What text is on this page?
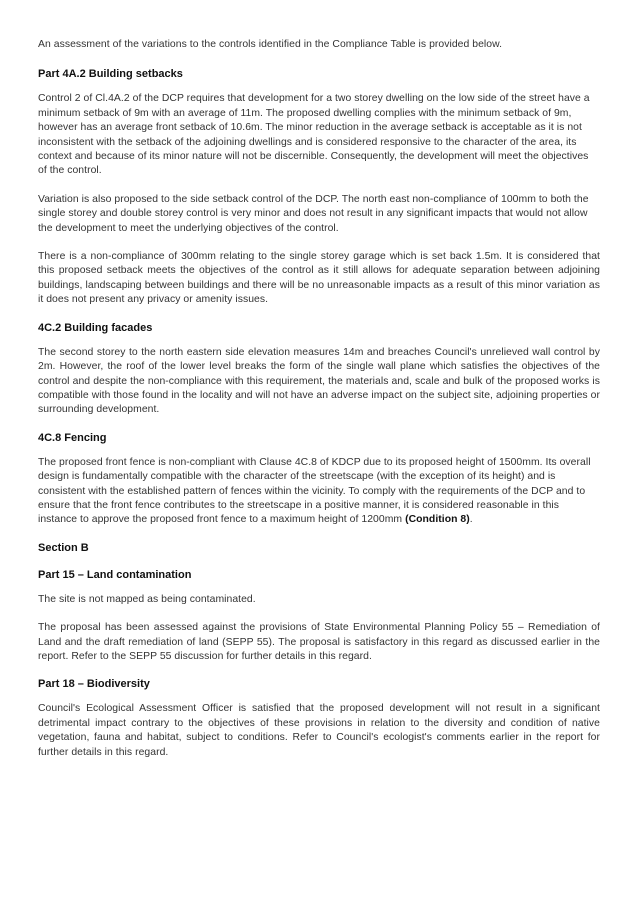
An assessment of the variations to the controls identified in the Compliance Table is provided below.

Part 4A.2 Building setbacks

Control 2 of Cl.4A.2 of the DCP requires that development for a two storey dwelling on the low side of the street have a minimum setback of 9m with an average of 11m. The proposed dwelling complies with the minimum setback of 9m, however has an average front setback of 10.6m. The minor reduction in the average setback is acceptable as it is not inconsistent with the setback of the adjoining dwellings and is considered responsive to the character of the area, its context and because of its minor nature will not be discernible. Consequently, the development will meet the objectives of the control.

Variation is also proposed to the side setback control of the DCP. The north east non-compliance of 100mm to both the single storey and double storey control is very minor and does not result in any significant impacts that would not allow the development to meet the underlying objectives of the control.

There is a non-compliance of 300mm relating to the single storey garage which is set back 1.5m. It is considered that this proposed setback meets the objectives of the control as it still allows for adequate separation between adjoining buildings, landscaping between buildings and there will be no unreasonable impacts as a result of this minor variation as it does not present any privacy or amenity issues.

4C.2 Building facades

The second storey to the north eastern side elevation measures 14m and breaches Council's unrelieved wall control by 2m. However, the roof of the lower level breaks the form of the single wall plane which satisfies the objectives of the control and despite the non-compliance with this requirement, the materials and, scale and bulk of the proposed works is compatible with those found in the locality and will not have an adverse impact on the subject site, adjoining properties or surrounding development.

4C.8 Fencing

The proposed front fence is non-compliant with Clause 4C.8 of KDCP due to its proposed height of 1500mm. Its overall design is fundamentally compatible with the character of the streetscape (with the exception of its height) and is consistent with the established pattern of fences within the vicinity. To comply with the requirements of the DCP and to ensure that the front fence contributes to the streetscape in a positive manner, it is considered reasonable in this instance to approve the proposed front fence to a maximum height of 1200mm (Condition 8).

Section B
Part 15 – Land contamination

The site is not mapped as being contaminated.

The proposal has been assessed against the provisions of State Environmental Planning Policy 55 – Remediation of Land and the draft remediation of land (SEPP 55). The proposal is satisfactory in this regard as discussed earlier in the report. Refer to the SEPP 55 discussion for further details in this regard.

Part 18 – Biodiversity

Council's Ecological Assessment Officer is satisfied that the proposed development will not result in a significant detrimental impact contrary to the objectives of these provisions in relation to the diversity and condition of native vegetation, fauna and habitat, subject to conditions. Refer to Council's ecologist's comments earlier in the report for further details in this regard.
